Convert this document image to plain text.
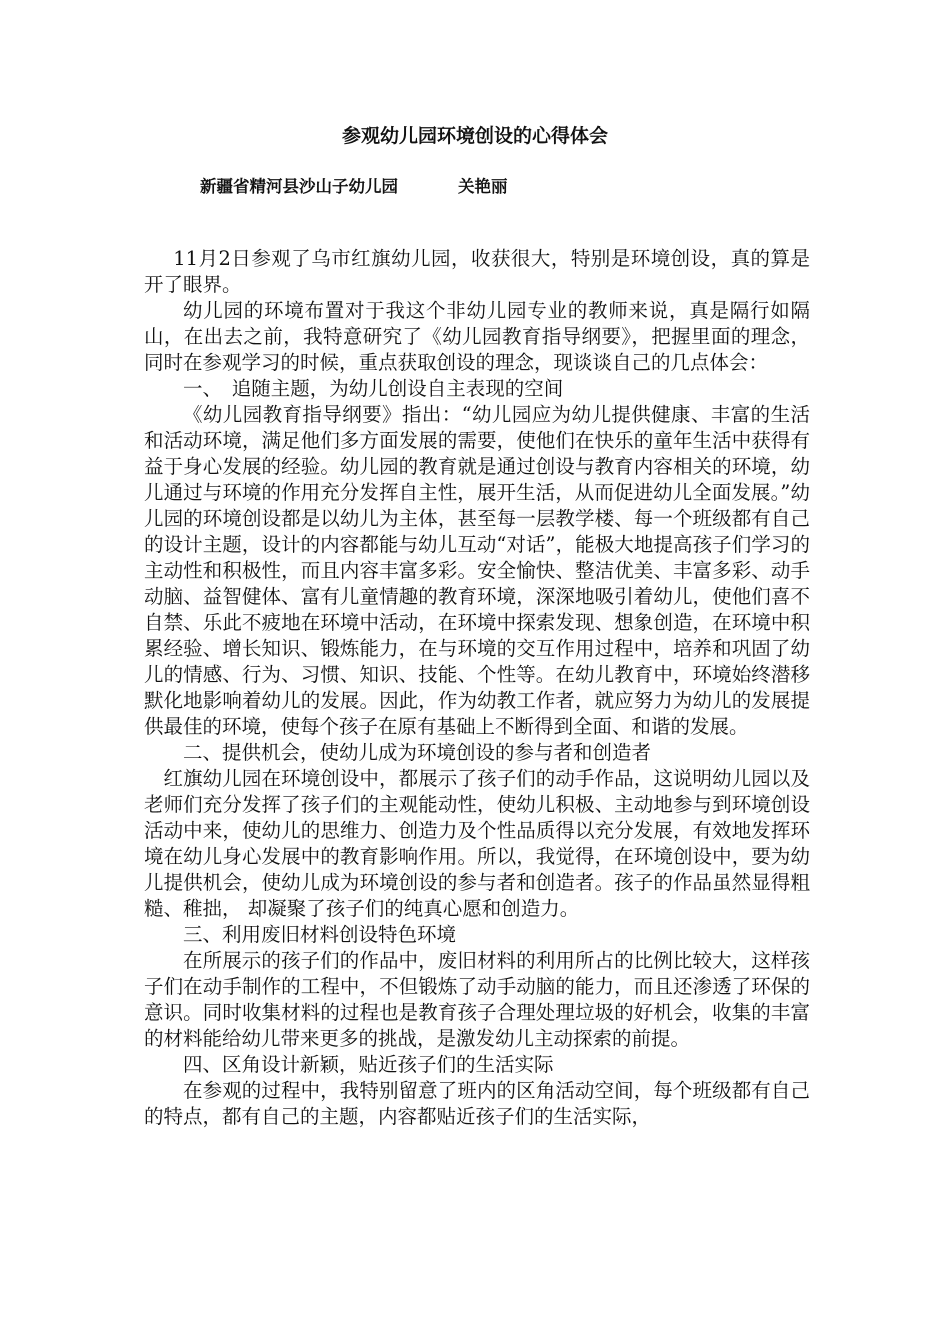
参观幼儿园环境创设的心得体会
新疆省精河县沙山子幼儿园	关艳丽

11月2日参观了乌市红旗幼儿园，收获很大，特别是环境创设，真的算是开了眼界。

幼儿园的环境布置对于我这个非幼儿园专业的教师来说，真是隔行如隔山，在出去之前，我特意研究了《幼儿园教育指导纲要》，把握里面的理念，同时在参观学习的时候，重点获取创设的理念，现谈谈自己的几点体会：

一、　追随主题，为幼儿创设自主表现的空间

《幼儿园教育指导纲要》指出：“幼儿园应为幼儿提供健康、丰富的生活和活动环境，满足他们多方面发展的需要，使他们在快乐的童年生活中获得有益于身心发展的经验。幼儿园的教育就是通过创设与教育内容相关的环境，幼儿通过与环境的作用充分发挥自主性，展开生活，从而促进幼儿全面发展。”幼儿园的环境创设都是以幼儿为主体，甚至每一层教学楼、每一个班级都有自己的设计主题，设计的内容都能与幼儿互动“对话”，能极大地提高孩子们学习的主动性和积极性，而且内容丰富多彩。安全愉快、整洁优美、丰富多彩、动手动脑、益智健体、富有儿童情趣的教育环境，深深地吸引着幼儿，使他们喜不自禁、乐此不疲地在环境中活动，在环境中探索发现、想象创造，在环境中积累经验、增长知识、锻炼能力，在与环境的交互作用过程中，培养和巩固了幼儿的情感、行为、习惯、知识、技能、个性等。在幼儿教育中，环境始终潜移默化地影响着幼儿的发展。因此，作为幼教工作者，就应努力为幼儿的发展提供最佳的环境，使每个孩子在原有基础上不断得到全面、和谐的发展。

二、提供机会，使幼儿成为环境创设的参与者和创造者

红旗幼儿园在环境创设中，都展示了孩子们的动手作品，这说明幼儿园以及老师们充分发挥了孩子们的主观能动性，使幼儿积极、主动地参与到环境创设活动中来，使幼儿的思维力、创造力及个性品质得以充分发展，有效地发挥环境在幼儿身心发展中的教育影响作用。所以，我觉得，在环境创设中，要为幼儿提供机会，使幼儿成为环境创设的参与者和创造者。孩子的作品虽然显得粗糙、稚拙， 却凝聚了孩子们的纯真心愿和创造力。

三、利用废旧材料创设特色环境

在所展示的孩子们的作品中，废旧材料的利用所占的比例比较大，这样孩子们在动手制作的工程中，不但锻炼了动手动脑的能力，而且还渗透了环保的意识。同时收集材料的过程也是教育孩子合理处理垃圾的好机会，收集的丰富的材料能给幼儿带来更多的挑战，是激发幼儿主动探索的前提。

四、区角设计新颖，贴近孩子们的生活实际

在参观的过程中，我特别留意了班内的区角活动空间，每个班级都有自己的特点，都有自己的主题，内容都贴近孩子们的生活实际，
